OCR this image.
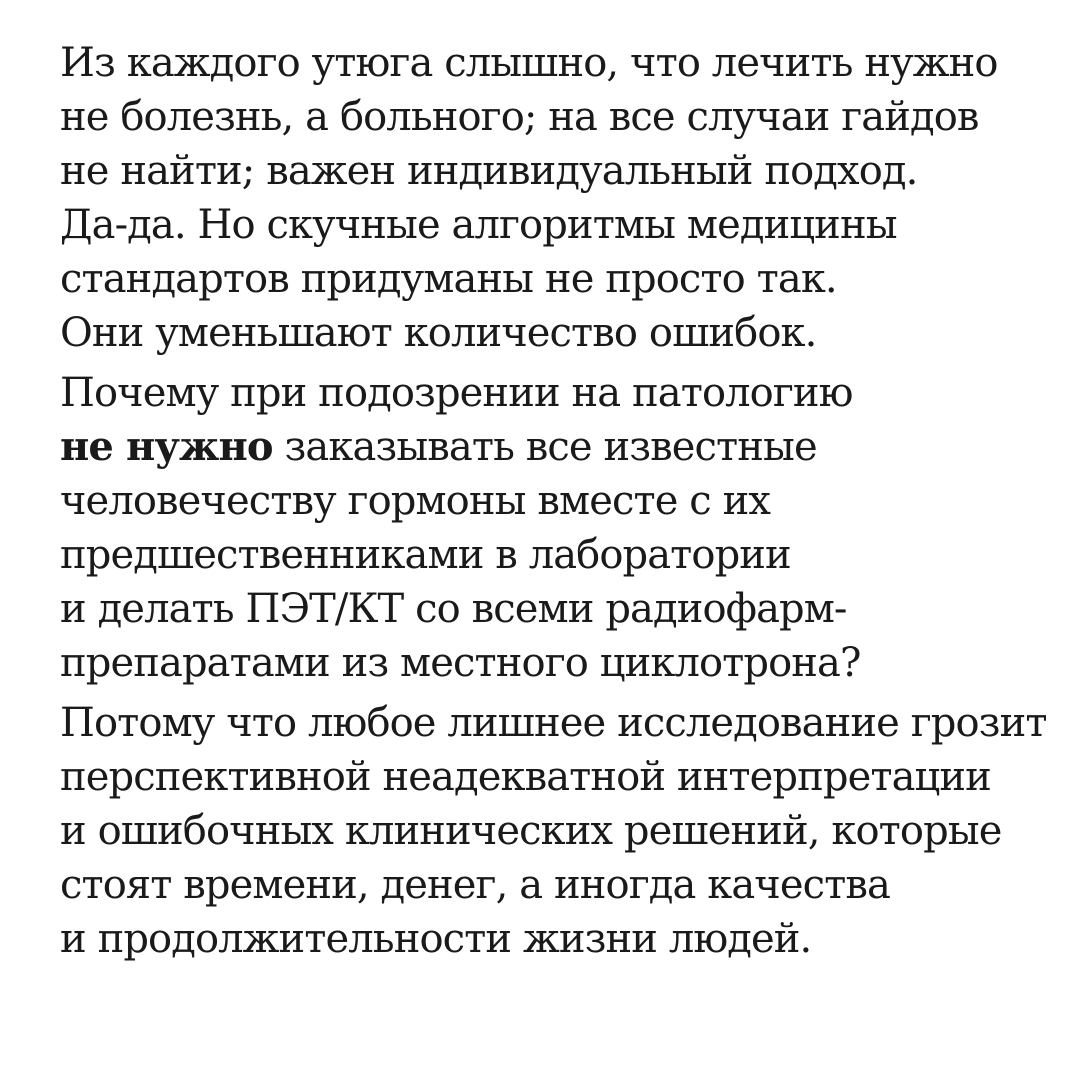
Из каждого утюга слышно, что лечить нужно
не болезнь, а больного; на все случаи гайдов
не найти; важен индивидуальный подход.
Да-да. Но скучные алгоритмы медицины
стандартов придуманы не просто так.
Они уменьшают количество ошибок.

Почему при подозрении на патологию
не нужно заказывать все известные
человечеству гормоны вместе с их
предшественниками в лаборатории
и делать ПЭТ/КТ со всеми радиофарм-
препаратами из местного циклотрона?

Потому что любое лишнее исследование грозит
перспективной неадекватной интерпретации
и ошибочных клинических решений, которые
стоят времени, денег, а иногда качества
и продолжительности жизни людей.
